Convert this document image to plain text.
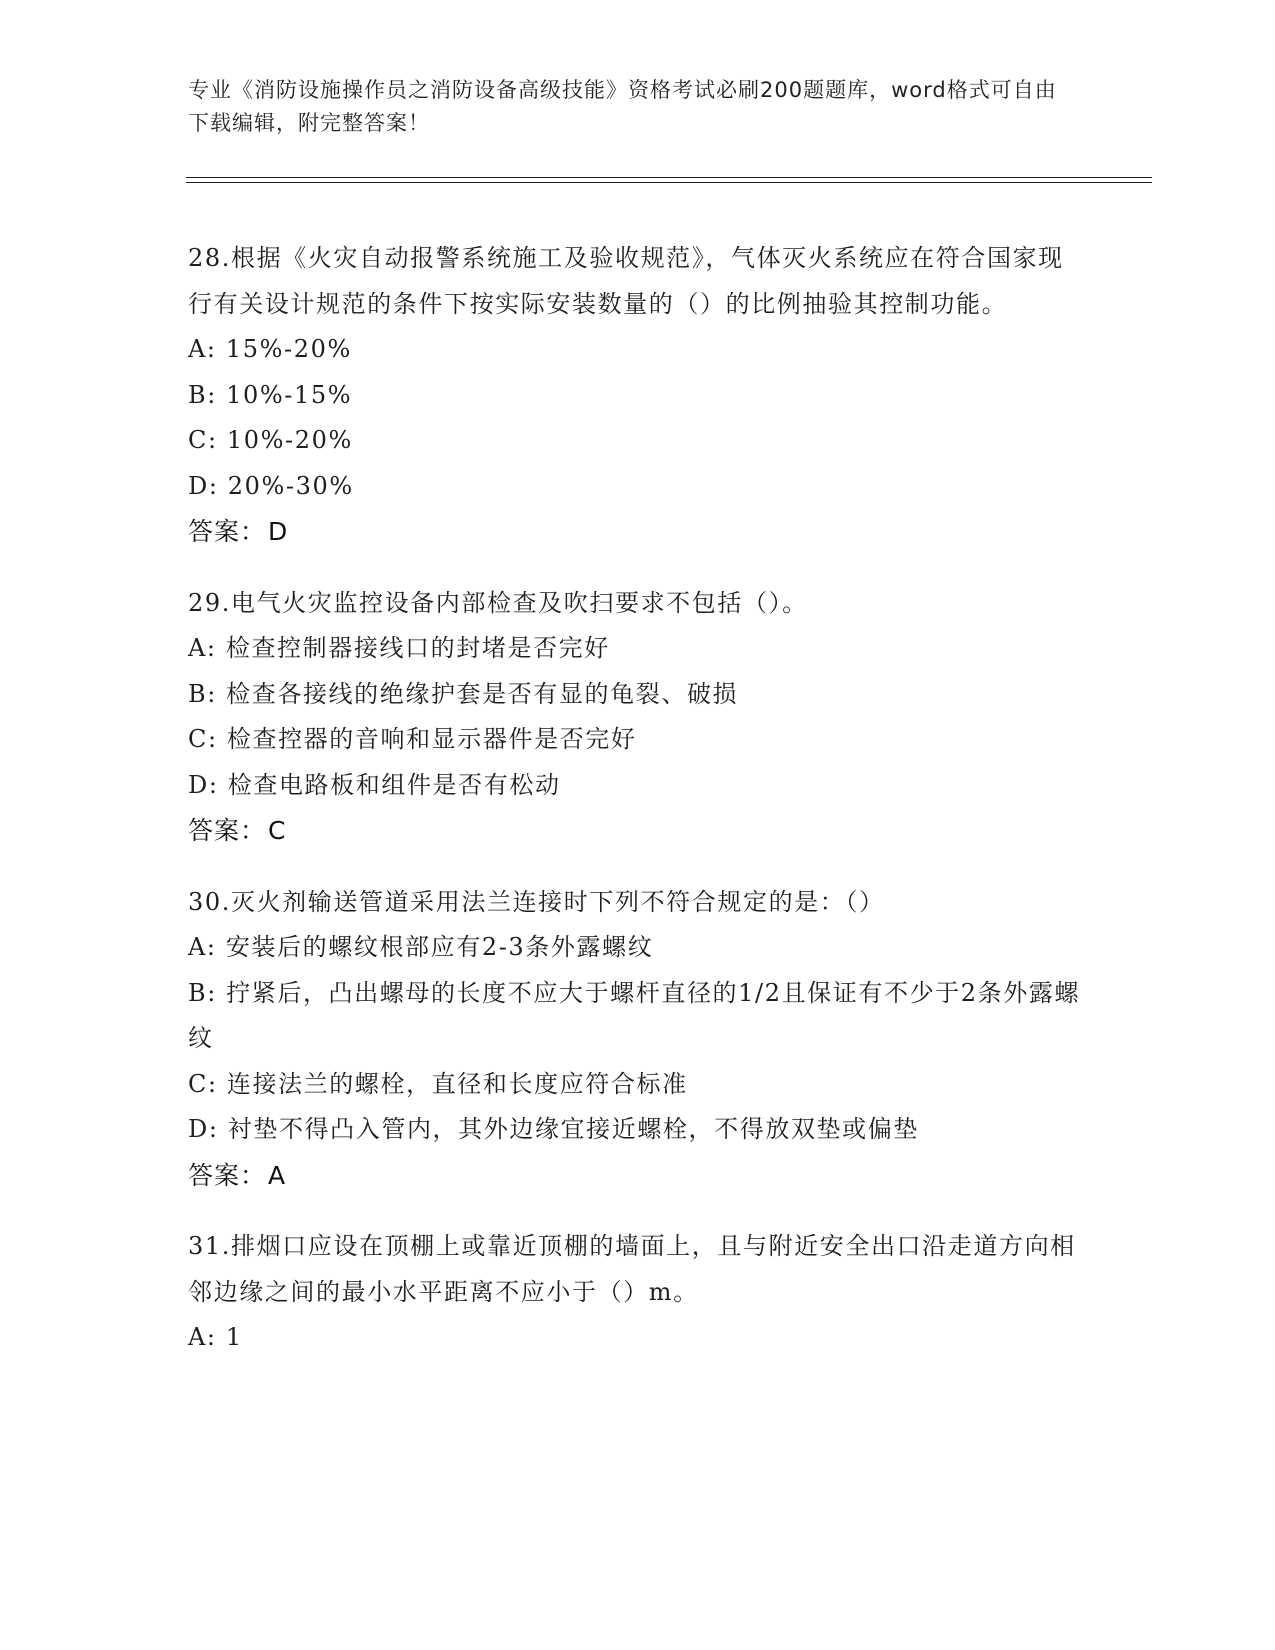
专业《消防设施操作员之消防设备高级技能》资格考试必刷200题题库，word格式可自由下载编辑，附完整答案！

28.根据《火灾自动报警系统施工及验收规范》，气体灭火系统应在符合国家现行有关设计规范的条件下按实际安装数量的（）的比例抽验其控制功能。

A: 15%-20%

B: 10%-15%

C: 10%-20%

D: 20%-30%

答案：D

29.电气火灾监控设备内部检查及吹扫要求不包括（）。

A: 检查控制器接线口的封堵是否完好

B: 检查各接线的绝缘护套是否有显的龟裂、破损

C: 检查控器的音响和显示器件是否完好

D: 检查电路板和组件是否有松动

答案：C

30.灭火剂输送管道采用法兰连接时下列不符合规定的是：（）

A: 安装后的螺纹根部应有2-3条外露螺纹

B: 拧紧后，凸出螺母的长度不应大于螺杆直径的1/2且保证有不少于2条外露螺纹

C: 连接法兰的螺栓，直径和长度应符合标准

D: 衬垫不得凸入管内，其外边缘宜接近螺栓，不得放双垫或偏垫

答案：A

31.排烟口应设在顶棚上或靠近顶棚的墙面上，且与附近安全出口沿走道方向相邻边缘之间的最小水平距离不应小于（）m。

A: 1
